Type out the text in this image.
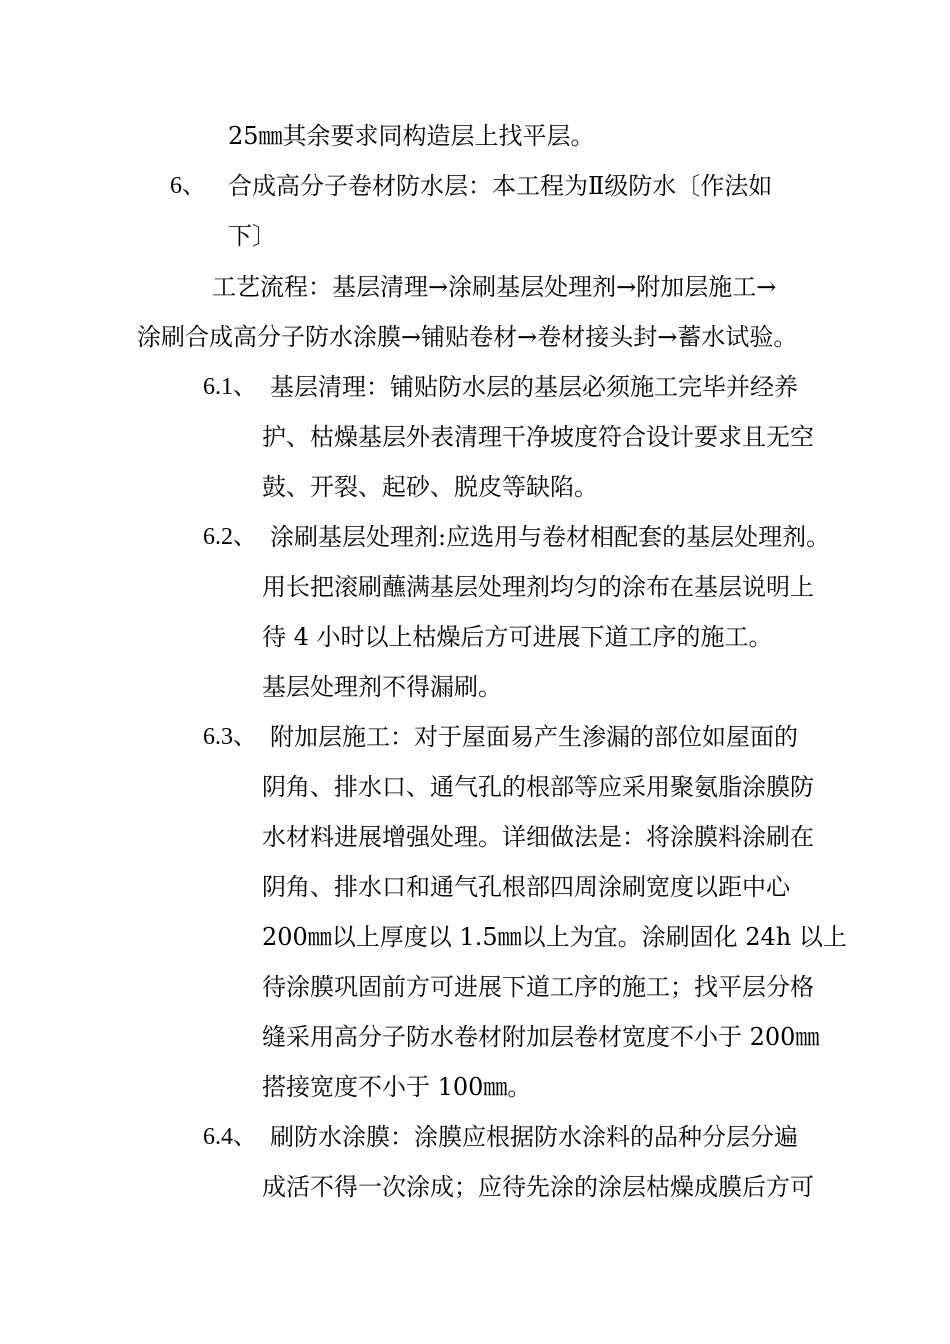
25㎜其余要求同构造层上找平层。
6、 合成高分子卷材防水层：本工程为Ⅱ级防水〔作法如
下〕
工艺流程：基层清理→涂刷基层处理剂→附加层施工→
涂刷合成高分子防水涂膜→铺贴卷材→卷材接头封→蓄水试验。
6.1、 基层清理：铺贴防水层的基层必须施工完毕并经养
护、枯燥基层外表清理干净坡度符合设计要求且无空
鼓、开裂、起砂、脱皮等缺陷。
6.2、 涂刷基层处理剂:应选用与卷材相配套的基层处理剂。
用长把滚刷蘸满基层处理剂均匀的涂布在基层说明上
待 4 小时以上枯燥后方可进展下道工序的施工。
基层处理剂不得漏刷。
6.3、 附加层施工：对于屋面易产生渗漏的部位如屋面的
阴角、排水口、通气孔的根部等应采用聚氨脂涂膜防
水材料进展增强处理。详细做法是：将涂膜料涂刷在
阴角、排水口和通气孔根部四周涂刷宽度以距中心
200㎜以上厚度以 1.5㎜以上为宜。涂刷固化 24h 以上
待涂膜巩固前方可进展下道工序的施工；找平层分格
缝采用高分子防水卷材附加层卷材宽度不小于 200㎜
搭接宽度不小于 100㎜。
6.4、 刷防水涂膜：涂膜应根据防水涂料的品种分层分遍
成活不得一次涂成；应待先涂的涂层枯燥成膜后方可
